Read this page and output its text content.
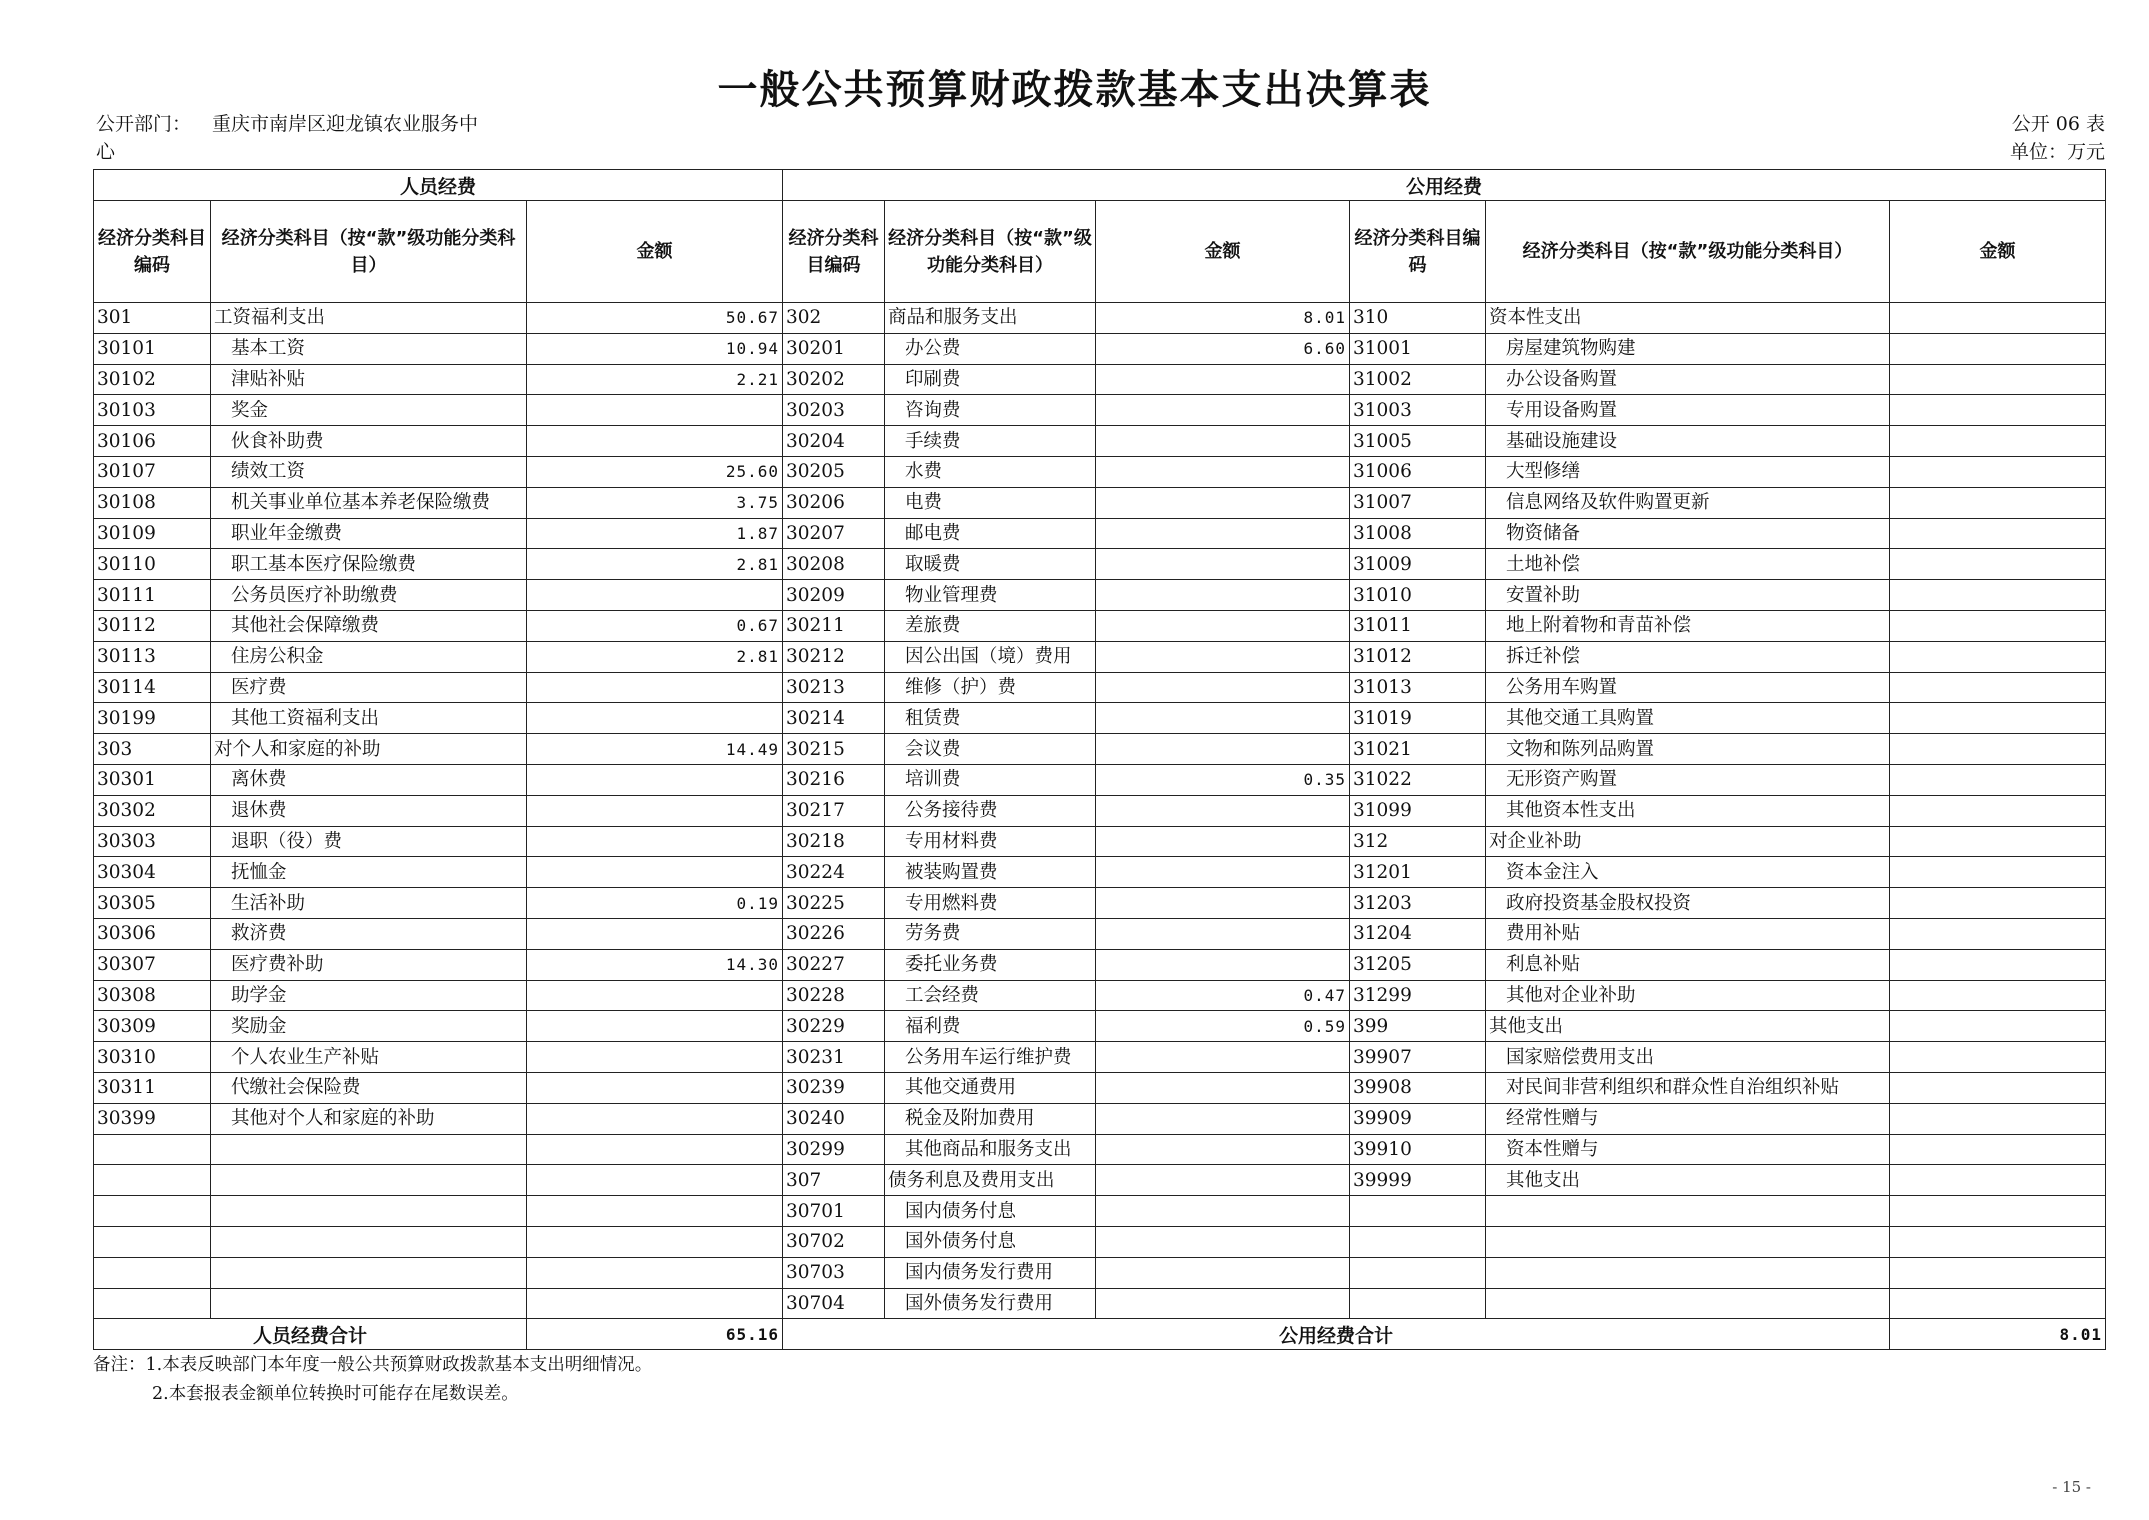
一般公共预算财政拨款基本支出决算表
公开部门： 重庆市南岸区迎龙镇农业服务中
心
公开 06 表
单位：万元
人员经费			公用经费					
经济分类科目编码	经济分类科目（按“款”级功能分类科目）	金额	经济分类科目编码	经济分类科目（按“款”级功能分类科目）	金额	经济分类科目编码	经济分类科目（按“款”级功能分类科目）	金额
301	工资福利支出	50.67	302	商品和服务支出	8.01	310	资本性支出	
30101	基本工资	10.94	30201	办公费	6.60	31001	房屋建筑物购建	
30102	津贴补贴	2.21	30202	印刷费		31002	办公设备购置	
30103	奖金		30203	咨询费		31003	专用设备购置	
30106	伙食补助费		30204	手续费		31005	基础设施建设	
30107	绩效工资	25.60	30205	水费		31006	大型修缮	
30108	机关事业单位基本养老保险缴费	3.75	30206	电费		31007	信息网络及软件购置更新	
30109	职业年金缴费	1.87	30207	邮电费		31008	物资储备	
30110	职工基本医疗保险缴费	2.81	30208	取暖费		31009	土地补偿	
30111	公务员医疗补助缴费		30209	物业管理费		31010	安置补助	
30112	其他社会保障缴费	0.67	30211	差旅费		31011	地上附着物和青苗补偿	
30113	住房公积金	2.81	30212	因公出国（境）费用		31012	拆迁补偿	
30114	医疗费		30213	维修（护）费		31013	公务用车购置	
30199	其他工资福利支出		30214	租赁费		31019	其他交通工具购置	
303	对个人和家庭的补助	14.49	30215	会议费		31021	文物和陈列品购置	
30301	离休费		30216	培训费	0.35	31022	无形资产购置	
30302	退休费		30217	公务接待费		31099	其他资本性支出	
30303	退职（役）费		30218	专用材料费		312	对企业补助	
30304	抚恤金		30224	被装购置费		31201	资本金注入	
30305	生活补助	0.19	30225	专用燃料费		31203	政府投资基金股权投资	
30306	救济费		30226	劳务费		31204	费用补贴	
30307	医疗费补助	14.30	30227	委托业务费		31205	利息补贴	
30308	助学金		30228	工会经费	0.47	31299	其他对企业补助	
30309	奖励金		30229	福利费	0.59	399	其他支出	
30310	个人农业生产补贴		30231	公务用车运行维护费		39907	国家赔偿费用支出	
30311	代缴社会保险费		30239	其他交通费用		39908	对民间非营利组织和群众性自治组织补贴	
30399	其他对个人和家庭的补助		30240	税金及附加费用		39909	经常性赠与	
			30299	其他商品和服务支出		39910	资本性赠与	
			307	债务利息及费用支出		39999	其他支出	
			30701	国内债务付息				
			30702	国外债务付息				
			30703	国内债务发行费用				
			30704	国外债务发行费用				
人员经费合计		65.16	公用经费合计					8.01
备注：1.本表反映部门本年度一般公共预算财政拨款基本支出明细情况。
2.本套报表金额单位转换时可能存在尾数误差。
- 15 -
